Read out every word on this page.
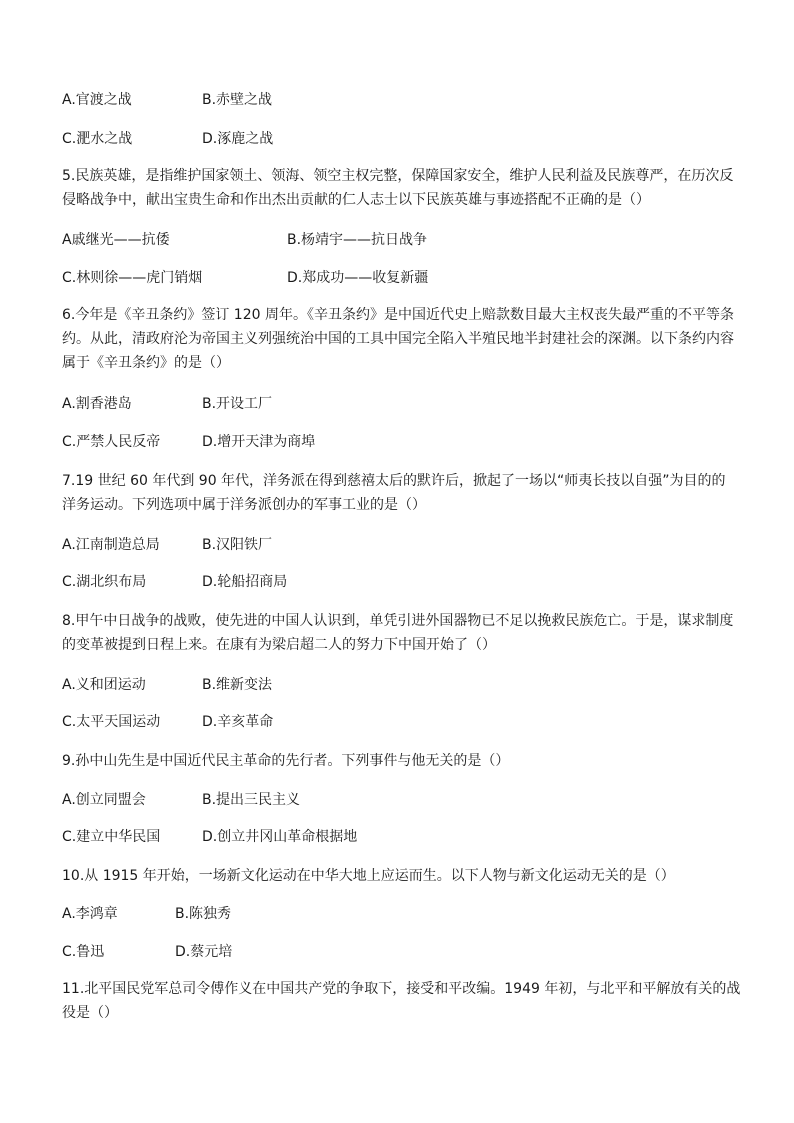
A.官渡之战	B.赤壁之战
C.淝水之战	D.涿鹿之战
5.民族英雄，是指维护国家领土、领海、领空主权完整，保障国家安全，维护人民利益及民族尊严，在历次反
侵略战争中，献出宝贵生命和作出杰出贡献的仁人志士以下民族英雄与事迹搭配不正确的是（）
A戚继光——抗倭	B.杨靖宇——抗日战争
C.林则徐——虎门销烟	D.郑成功——收复新疆
6.今年是《辛丑条约》签订 120 周年。《辛丑条约》是中国近代史上赔款数目最大主权丧失最严重的不平等条
约。从此，清政府沦为帝国主义列强统治中国的工具中国完全陷入半殖民地半封建社会的深渊。以下条约内容
属于《辛丑条约》的是（）
A.割香港岛	B.开设工厂
C.严禁人民反帝	D.增开天津为商埠
7.19 世纪 60 年代到 90 年代，洋务派在得到慈禧太后的默许后，掀起了一场以“师夷长技以自强”为目的的
洋务运动。下列选项中属于洋务派创办的军事工业的是（）
A.江南制造总局	B.汉阳铁厂
C.湖北织布局	D.轮船招商局
8.甲午中日战争的战败，使先进的中国人认识到，单凭引进外国器物已不足以挽救民族危亡。于是，谋求制度
的变革被提到日程上来。在康有为梁启超二人的努力下中国开始了（）
A.义和团运动	B.维新变法
C.太平天国运动	D.辛亥革命
9.孙中山先生是中国近代民主革命的先行者。下列事件与他无关的是（）
A.创立同盟会	B.提出三民主义
C.建立中华民国	D.创立井冈山革命根据地
10.从 1915 年开始，一场新文化运动在中华大地上应运而生。以下人物与新文化运动无关的是（）
A.李鸿章	B.陈独秀
C.鲁迅	D.蔡元培
11.北平国民党军总司令傅作义在中国共产党的争取下，接受和平改编。1949 年初，与北平和平解放有关的战
役是（）
